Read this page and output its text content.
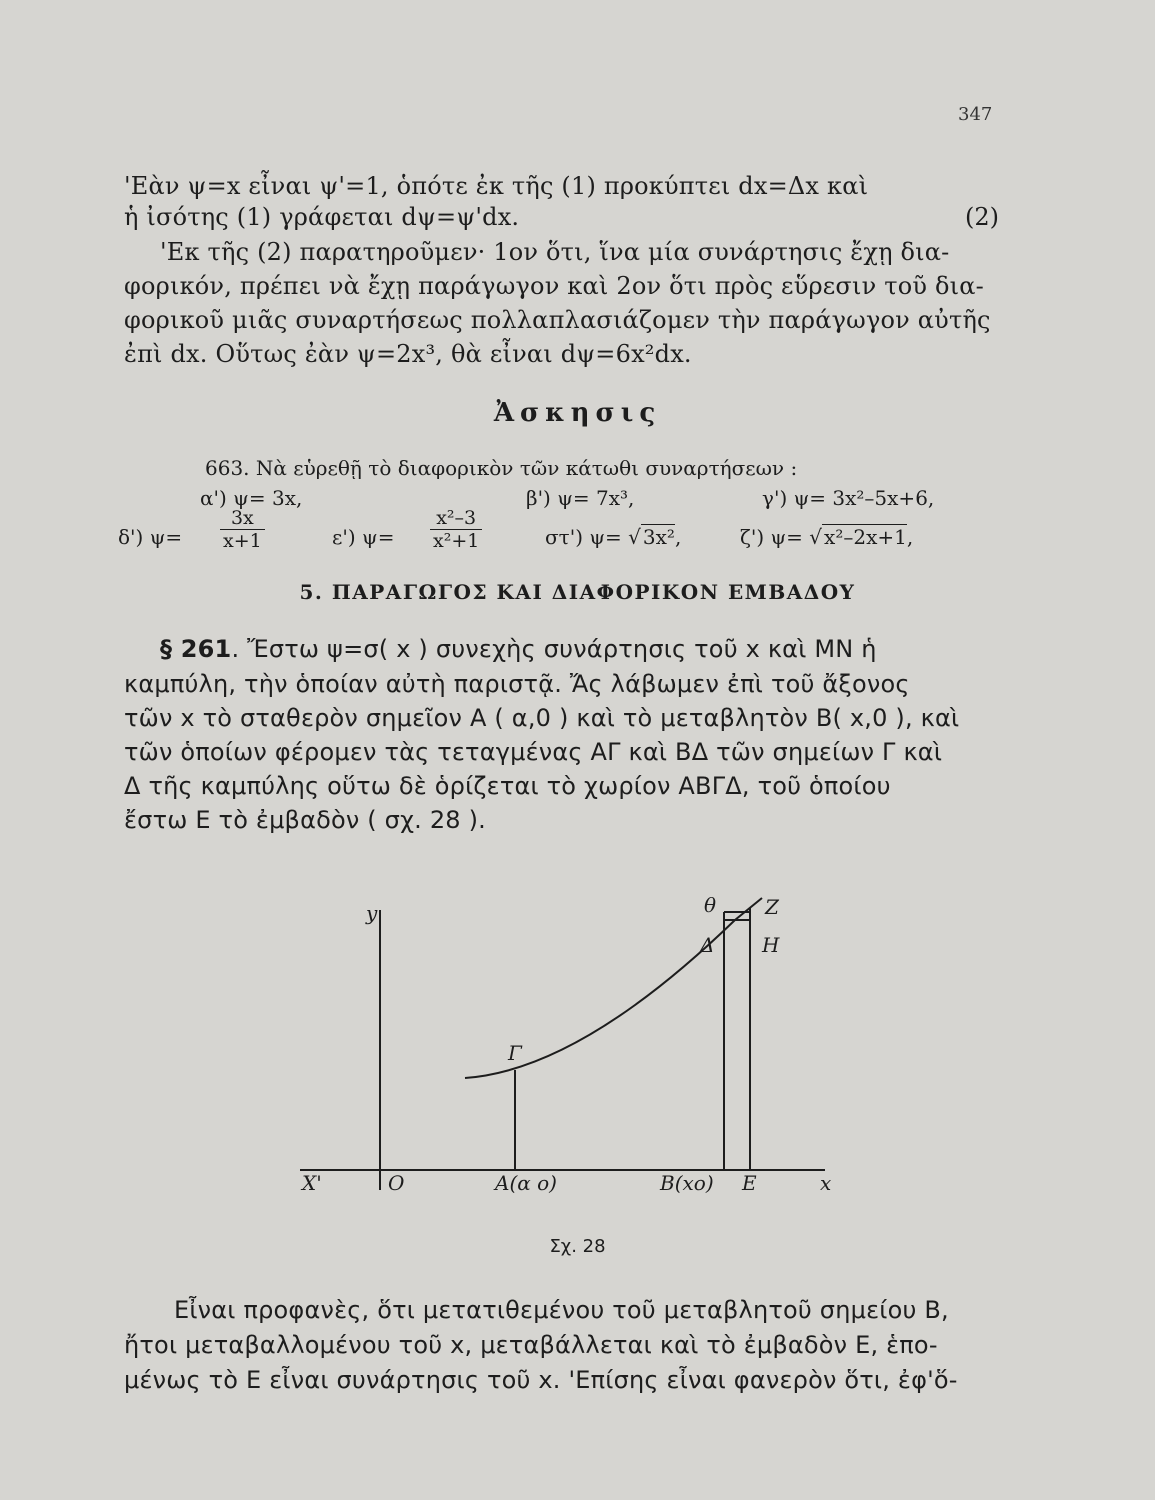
347
'Εὰν ψ=x εἶναι ψ'=1, ὁπότε ἐκ τῆς (1) προκύπτει dx=Δx καὶ
ἡ ἰσότης (1) γράφεται dψ=ψ'dx.	(2)
'Εκ τῆς (2) παρατηροῦμεν· 1ον ὅτι, ἵνα μία συνάρτησις ἔχῃ δια-
φορικόν, πρέπει νὰ ἔχῃ παράγωγον καὶ 2ον ὅτι πρὸς εὕρεσιν τοῦ δια-
φορικοῦ μιᾶς συναρτήσεως πολλαπλασιάζομεν τὴν παράγωγον αὐτῆς
ἐπὶ dx. Οὕτως ἐὰν ψ=2x³, θὰ εἶναι dψ=6x²dx.
Ἀσκησις
663. Νὰ εὑρεθῇ τὸ διαφορικὸν τῶν κάτωθι συναρτήσεων :
α') ψ= 3x,	β') ψ= 7x³,	γ') ψ= 3x²–5x+6,
δ') $\psi= \frac{3x}{x+1}$	ε') $\psi= \frac{\text{x²–3}}{\text{x²+1}}$	στ') ψ= √ 3x²,	ζ') ψ= √ x²–2x+1,
5. ΠΑΡΑΓΩΓΟΣ ΚΑΙ ΔΙΑΦΟΡΙΚΟΝ ΕΜΒΑΔΟΥ
§ 261. Ἔστω ψ=σ( x ) συνεχὴς συνάρτησις τοῦ x καὶ MN ἡ
καμπύλη, τὴν ὁποίαν αὐτὴ παριστᾷ. Ἄς λάβωμεν ἐπὶ τοῦ ἄξονος
τῶν x τὸ σταθερὸν σημεῖον A ( α,0 ) καὶ τὸ μεταβλητὸν B( x,0 ), καὶ
τῶν ὁποίων φέρομεν τὰς τεταγμένας ΑΓ καὶ ΒΔ τῶν σημείων Γ καὶ
Δ τῆς καμπύλης οὕτω δὲ ὁρίζεται τὸ χωρίον ΑΒΓΔ, τοῦ ὁποίου
ἔστω E τὸ ἐμβαδὸν ( σχ. 28 ).
y	θ Z
Δ H
Γ
X'	O	A(α ο)	B(xο) E	x
Σχ. 28
Εἶναι προφανὲς, ὅτι μετατιθεμένου τοῦ μεταβλητοῦ σημείου B,
ἤτοι μεταβαλλομένου τοῦ x, μεταβάλλεται καὶ τὸ ἐμβαδὸν E, ἑπο-
μένως τὸ E εἶναι συνάρτησις τοῦ x. 'Επίσης εἶναι φανερὸν ὅτι, ἐφ'ὅ-
